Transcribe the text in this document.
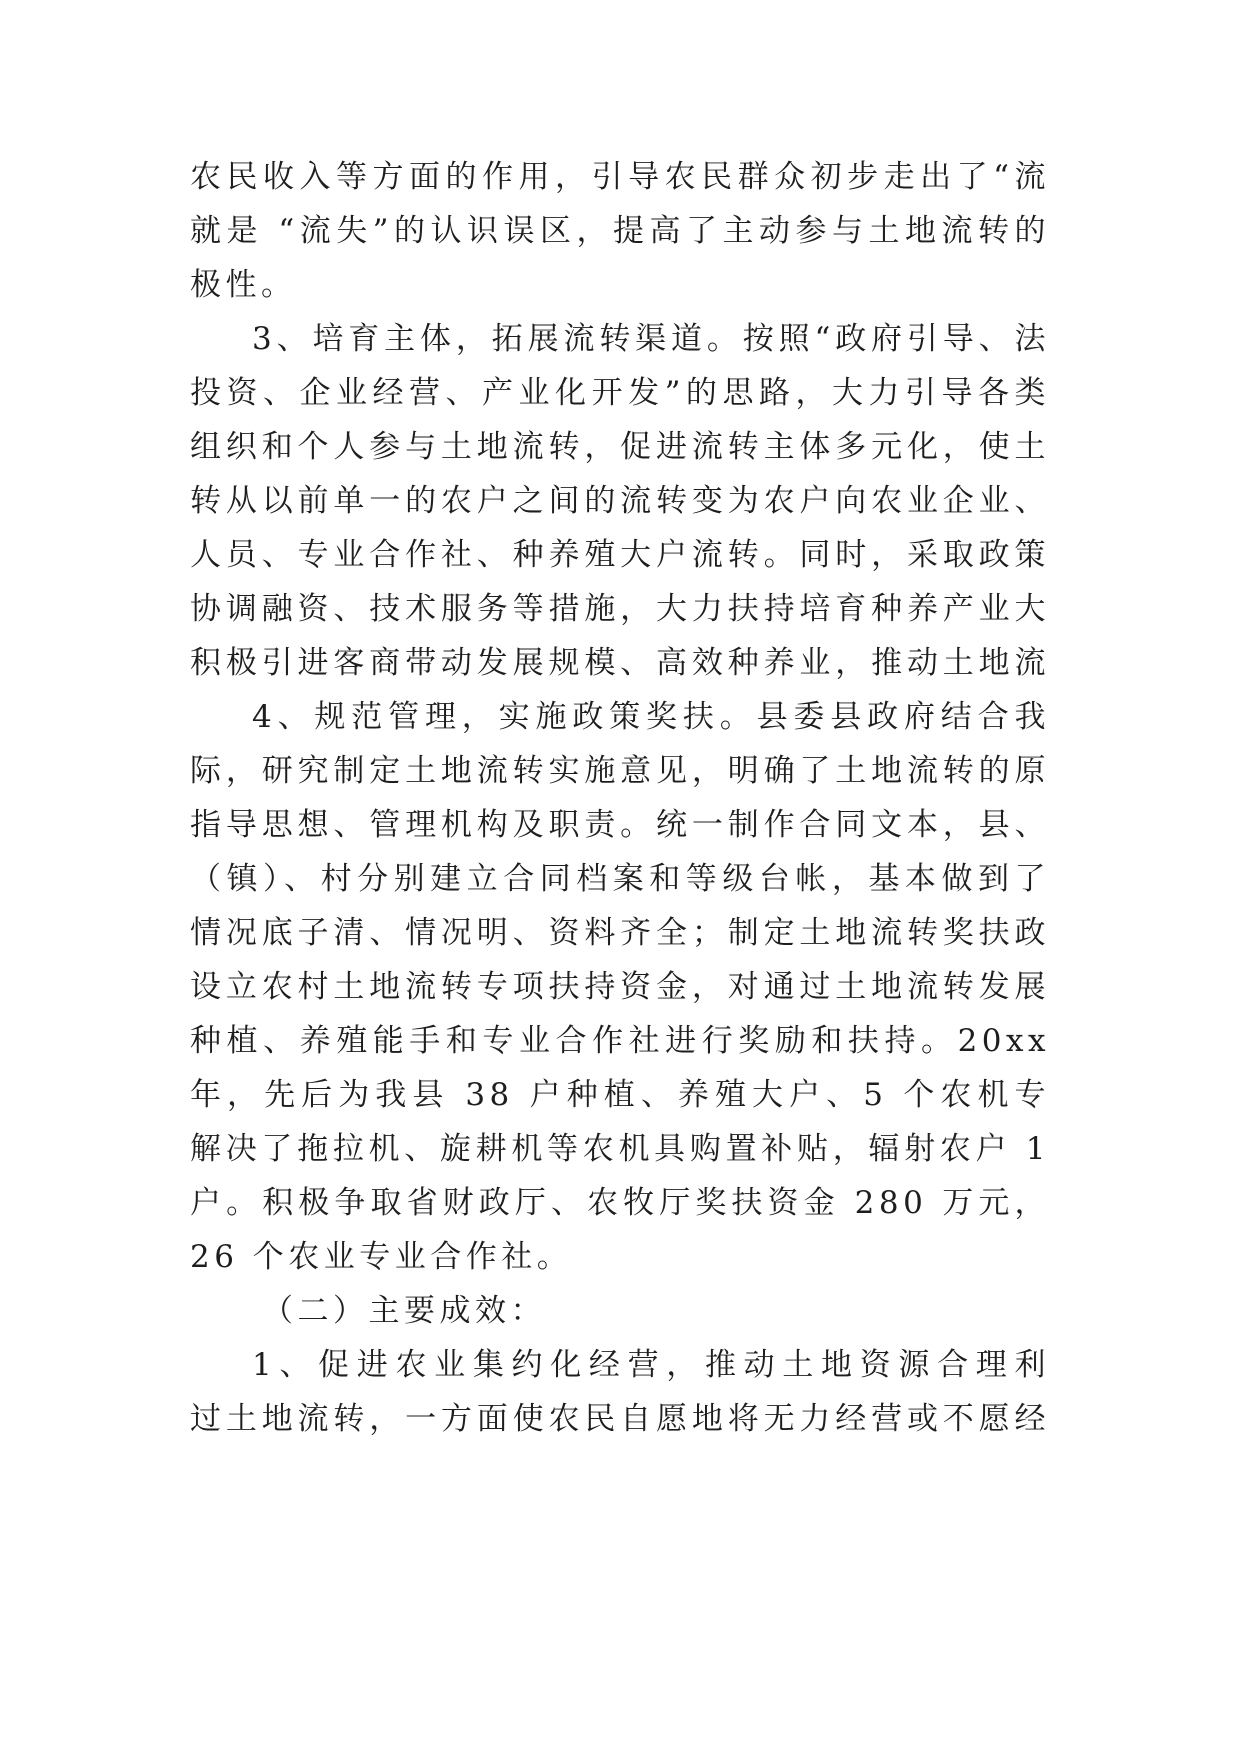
农民收入等方面的作用，引导农民群众初步走出了“流
就是 “流失”的认识误区，提高了主动参与土地流转的
极性。
3、培育主体，拓展流转渠道。按照“政府引导、法
投资、企业经营、产业化开发”的思路，大力引导各类
组织和个人参与土地流转，促进流转主体多元化，使土
转从以前单一的农户之间的流转变为农户向农业企业、
人员、专业合作社、种养殖大户流转。同时，采取政策
协调融资、技术服务等措施，大力扶持培育种养产业大
积极引进客商带动发展规模、高效种养业，推动土地流
4、规范管理，实施政策奖扶。县委县政府结合我
际，研究制定土地流转实施意见，明确了土地流转的原
指导思想、管理机构及职责。统一制作合同文本，县、
（镇）、村分别建立合同档案和等级台帐，基本做到了
情况底子清、情况明、资料齐全；制定土地流转奖扶政
设立农村土地流转专项扶持资金，对通过土地流转发展
种植、养殖能手和专业合作社进行奖励和扶持。20xx
年，先后为我县 38 户种植、养殖大户、5 个农机专
解决了拖拉机、旋耕机等农机具购置补贴，辐射农户 1
户。积极争取省财政厅、农牧厅奖扶资金 280 万元，
26 个农业专业合作社。
（二）主要成效：
1、促进农业集约化经营，推动土地资源合理利
过土地流转，一方面使农民自愿地将无力经营或不愿经
